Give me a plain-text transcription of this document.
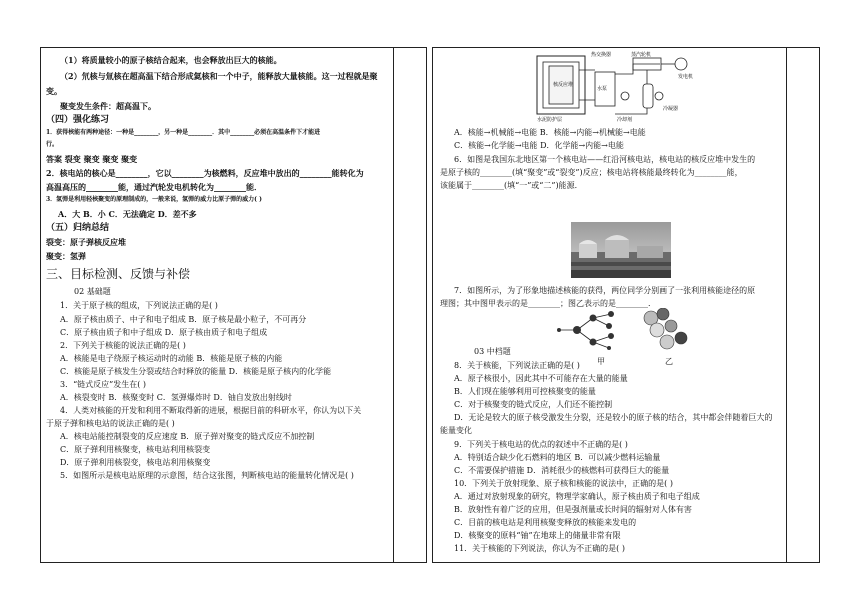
（1）将质量较小的原子核结合起来，也会释放出巨大的核能。
（2）氘核与氚核在超高温下结合形成氦核和一个中子，能释放大量核能。这一过程就是聚
变。
聚变发生条件：超高温下。
（四）强化练习
1．获得核能有两种途径：一种是________，另一种是________．其中________必须在高温条件下才能进
行。
答案 裂变 聚变 聚变 聚变
2．核电站的核心是________，它以________为核燃料，反应堆中放出的________能转化为
高温高压的________能，通过汽轮发电机转化为________能．
3．氢弹是利用轻核聚变的原理制成的，一般来说，氢弹的威力比原子弹的威力( )
A．大 B．小 C．无法确定 D．差不多
（五）归纳总结
裂变：原子弹核反应堆
聚变：氢弹
三、目标检测、反馈与补偿
02 基础题
1．关于原子核的组成，下列说法正确的是( )
A．原子核由质子、中子和电子组成 B．原子核是最小粒子，不可再分
C．原子核由质子和中子组成 D．原子核由质子和电子组成
2．下列关于核能的说法正确的是( )
A．核能是电子绕原子核运动时的动能 B．核能是原子核的内能
C．核能是原子核发生分裂或结合时释放的能量 D．核能是原子核内的化学能
3．“链式反应”发生在( )
A．核裂变时 B．核聚变时 C．氢弹爆炸时 D．铀自发放出射线时
4．人类对核能的开发和利用不断取得新的进展，根据目前的科研水平，你认为以下关
于原子弹和核电站的说法正确的是( )
A．核电站能控制裂变的反应速度 B．原子弹对聚变的链式反应不加控制
C．原子弹利用核聚变，核电站利用核裂变
D．原子弹利用核裂变，核电站利用核聚变
5．如图所示是核电站原理的示意图，结合这张图，判断核电站的能量转化情况是( )
热交换器	蒸汽轮机
发电机
核反应堆
冷凝器
水泵
水泥防护层	冷却剂
A．核能→机械能→电能 B．核能→内能→机械能→电能
C．核能→化学能→电能 D．化学能→内能→电能
6．如图是我国东北地区第一个核电站——红沿河核电站，核电站的核反应堆中发生的
是原子核的________(填“聚变”或“裂变”)反应；核电站将核能最终转化为________能，
该能属于________(填“一”或“二”)能源．
7．如图所示，为了形象地描述核能的获得，两位同学分别画了一张利用核能途径的原
理图；其中图甲表示的是________；图乙表示的是________．
甲	乙
03 中档题
8．关于核能，下列说法正确的是( )
A．原子核很小，因此其中不可能存在大量的能量
B．人们现在能够利用可控核聚变的能量
C．对于核聚变的链式反应，人们还不能控制
D．无论是较大的原子核受激发生分裂，还是较小的原子核的结合，其中都会伴随着巨大的
能量变化
9．下列关于核电站的优点的叙述中不正确的是( )
A．特别适合缺少化石燃料的地区 B．可以减少燃料运输量
C．不需要保护措施 D．消耗很少的核燃料可获得巨大的能量
10．下列关于放射现象、原子核和核能的说法中，正确的是( )
A．通过对放射现象的研究，物理学家确认，原子核由质子和电子组成
B．放射性有着广泛的应用，但是强剂量或长时间的辐射对人体有害
C．目前的核电站是利用核聚变释放的核能来发电的
D．核聚变的原料“铀”在地球上的储量非常有限
11．关于核能的下列说法，你认为不正确的是( )
